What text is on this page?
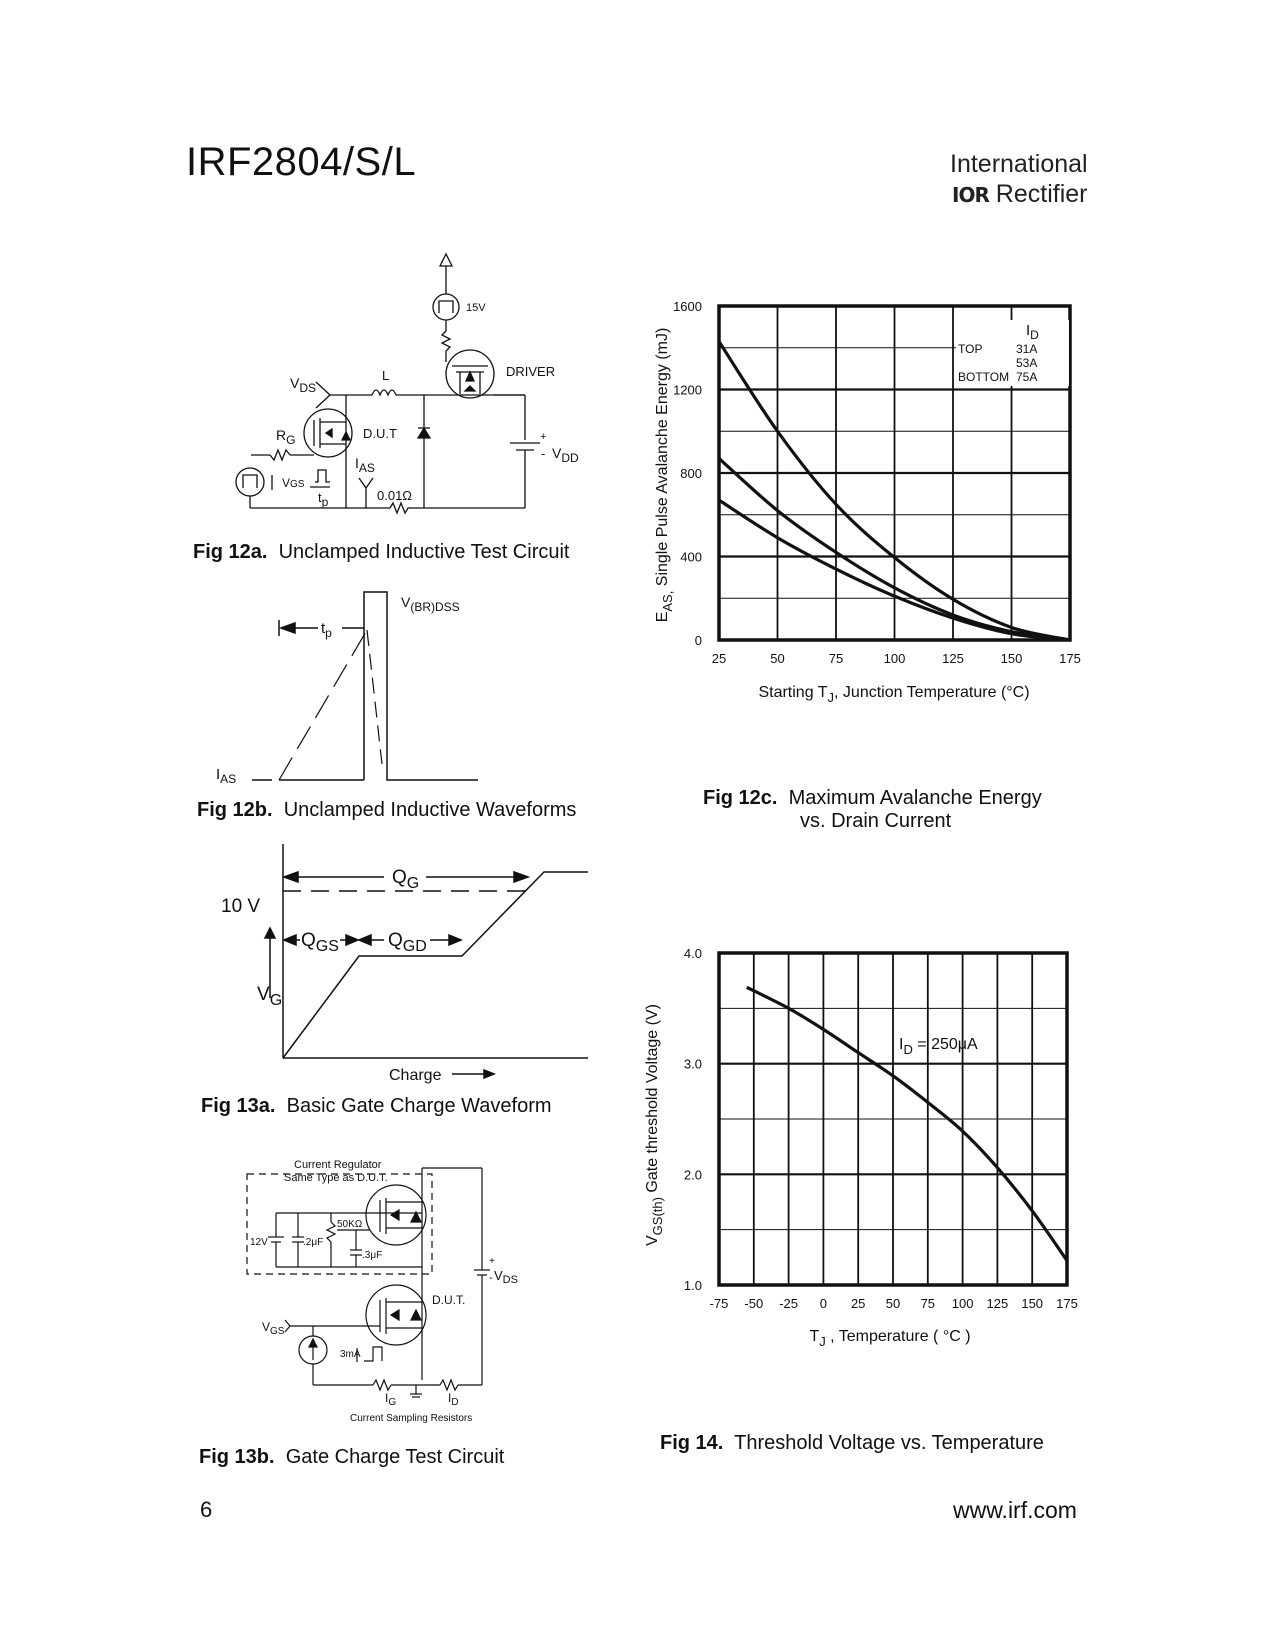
IRF2804/S/L	International
IOR Rectifier
15V
DRIVER
VDS
L
RG	D.U.T
IAS
VGS
tp	0.01Ω
+
- VDD
V(BR)DSS
$t_p$
$I_{AS}$
$Q_G$
10 V
$Q_{GS}$	$Q_{GD}$
$V_G$
Charge
Current Regulator
Same Type as D.U.T.
50KΩ
12V	.2μF
.3μF
D.U.T.
+
- $V_{DS}$
$V_{GS}$
3mA
$I_G$	$I_D$
Current Sampling Resistors
25	50	75	100	125	150	175
0
400
800
1200
1600
$I_D$
TOP	31A
53A
BOTTOM 75A
Starting $T_J$, Junction Temperature (°C)
$E_{AS,}$ Single Pulse Avalanche Energy (mJ)
-75 -50 -25 0 25 50 75 100 125 150 175
1.0
2.0
3.0
4.0
$I_D = 250\mu A$
$T_J$ , Temperature ( °C )
$V_{GS(th)}$ Gate threshold Voltage (V)
Fig 12a. Unclamped Inductive Test Circuit
Fig 12b. Unclamped Inductive Waveforms
Fig 13a. Basic Gate Charge Waveform
Fig 13b. Gate Charge Test Circuit
Fig 12c. Maximum Avalanche Energy
vs. Drain Current
Fig 14. Threshold Voltage vs. Temperature
6	www.irf.com
